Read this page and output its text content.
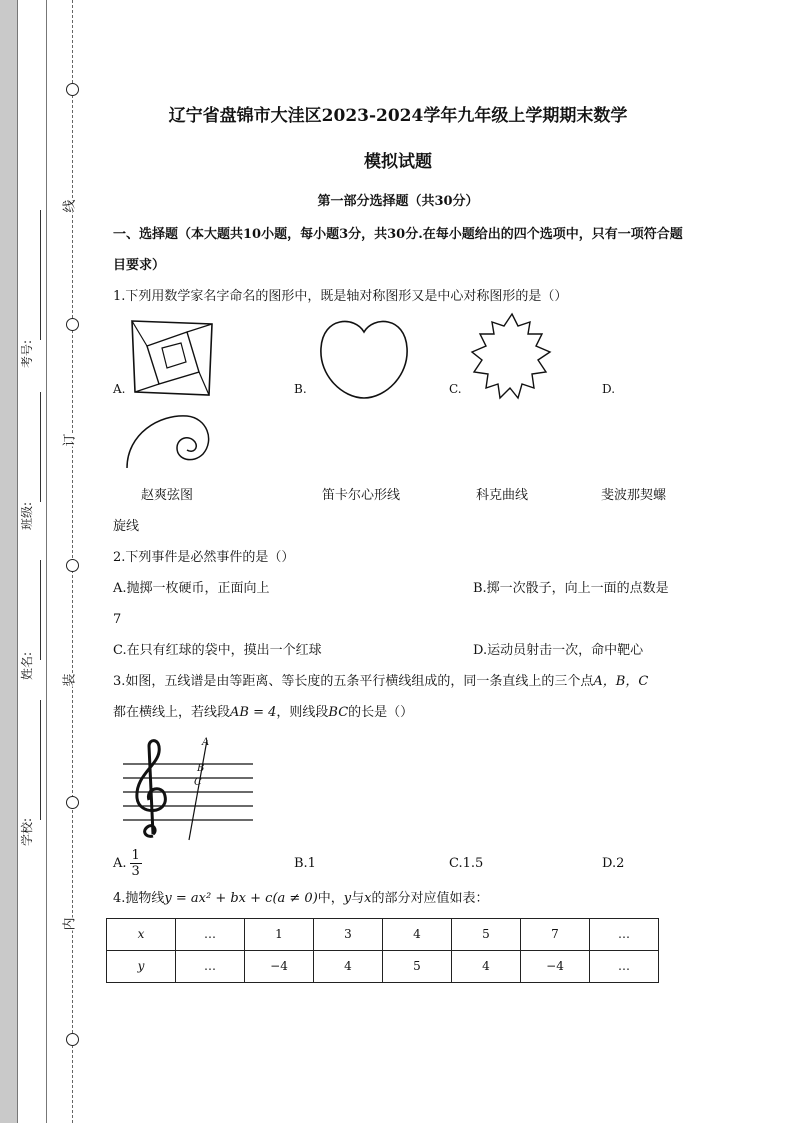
线
订
装
内
考号:
班级:
姓名:
学校:
辽宁省盘锦市大洼区2023-2024学年九年级上学期期末数学
模拟试题
第一部分选择题（共30分）

一、选择题（本大题共10小题，每小题3分，共30分.在每小题给出的四个选项中，只有一项符合题目要求）

1.下列用数学家名字命名的图形中，既是轴对称图形又是中心对称图形的是（）

A.	B.	C.	D.
赵爽弦图	笛卡尔心形线	科克曲线	斐波那契螺

旋线

2.下列事件是必然事件的是（）

A.抛掷一枚硬币，正面向上	B.掷一次骰子，向上一面的点数是

7

C.在只有红球的袋中，摸出一个红球	D.运动员射击一次，命中靶心

3.如图，五线谱是由等距离、等长度的五条平行横线组成的，同一条直线上的三个点A，B，C

都在横线上，若线段AB = 4，则线段BC的长是（）

A
B
C
A. $\frac{1}{3}$	B.1	C.1.5	D.2

4.抛物线y = ax² + bx + c(a ≠ 0)中，y与x的部分对应值如表：

x	…	1	3	4	5	7	…
y	…	−4	4	5	4	−4	…
